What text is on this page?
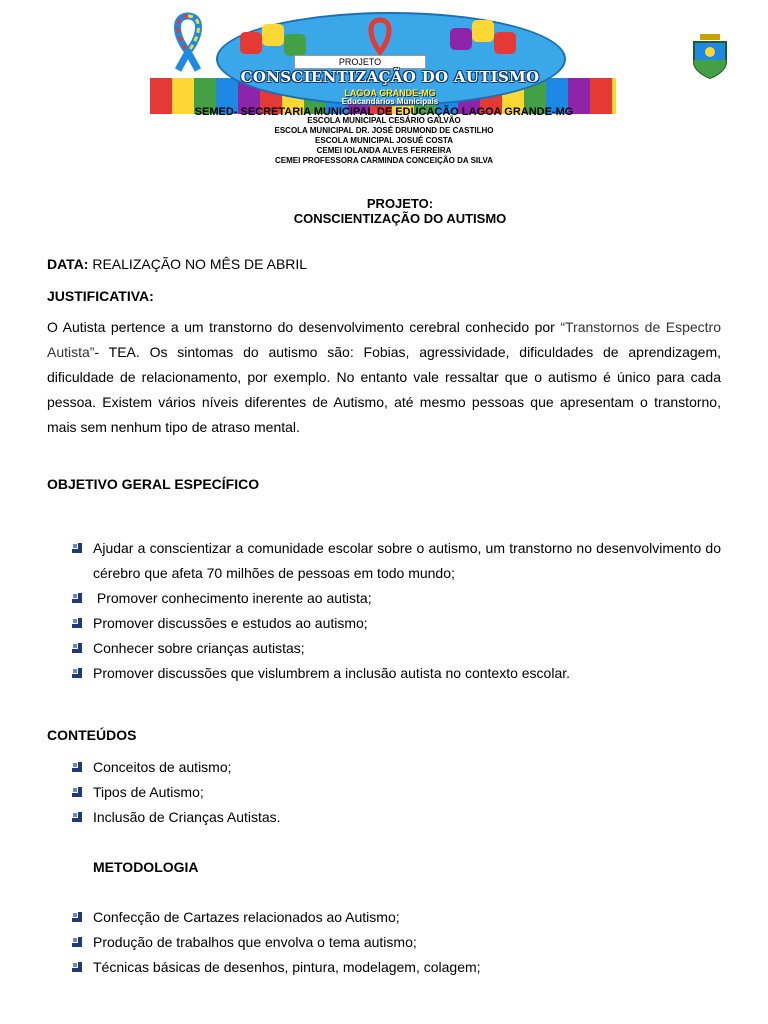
PROJETO
CONSCIENTIZAÇÃO DO AUTISMO
LAGOA GRANDE-MG
Educandários Municipais
SEMED- SECRETARIA MUNICIPAL DE EDUCAÇÃO LAGOA GRANDE-MG
ESCOLA MUNICIPAL CESÁRIO GALVÃO
ESCOLA MUNICIPAL DR. JOSÉ DRUMOND DE CASTILHO
ESCOLA MUNICIPAL JOSUÉ COSTA
CEMEI IOLANDA ALVES FERREIRA
CEMEI PROFESSORA CARMINDA CONCEIÇÃO DA SILVA
PROJETO:
CONSCIENTIZAÇÃO DO AUTISMO
DATA: REALIZAÇÃO NO MÊS DE ABRIL
JUSTIFICATIVA:
O Autista pertence a um transtorno do desenvolvimento cerebral conhecido por “Transtornos de Espectro Autista”- TEA. Os sintomas do autismo são: Fobias, agressividade, dificuldades de aprendizagem, dificuldade de relacionamento, por exemplo. No entanto vale ressaltar que o autismo é único para cada pessoa. Existem vários níveis diferentes de Autismo, até mesmo pessoas que apresentam o transtorno, mais sem nenhum tipo de atraso mental.
OBJETIVO GERAL ESPECÍFICO
Ajudar a conscientizar a comunidade escolar sobre o autismo, um transtorno no desenvolvimento do cérebro que afeta 70 milhões de pessoas em todo mundo;
Promover conhecimento inerente ao autista;
Promover discussões e estudos ao autismo;
Conhecer sobre crianças autistas;
Promover discussões que vislumbrem a inclusão autista no contexto escolar.
CONTEÚDOS
Conceitos de autismo;
Tipos de Autismo;
Inclusão de Crianças Autistas.
METODOLOGIA
Confecção de Cartazes relacionados ao Autismo;
Produção de trabalhos que envolva o tema autismo;
Técnicas básicas de desenhos, pintura, modelagem, colagem;
